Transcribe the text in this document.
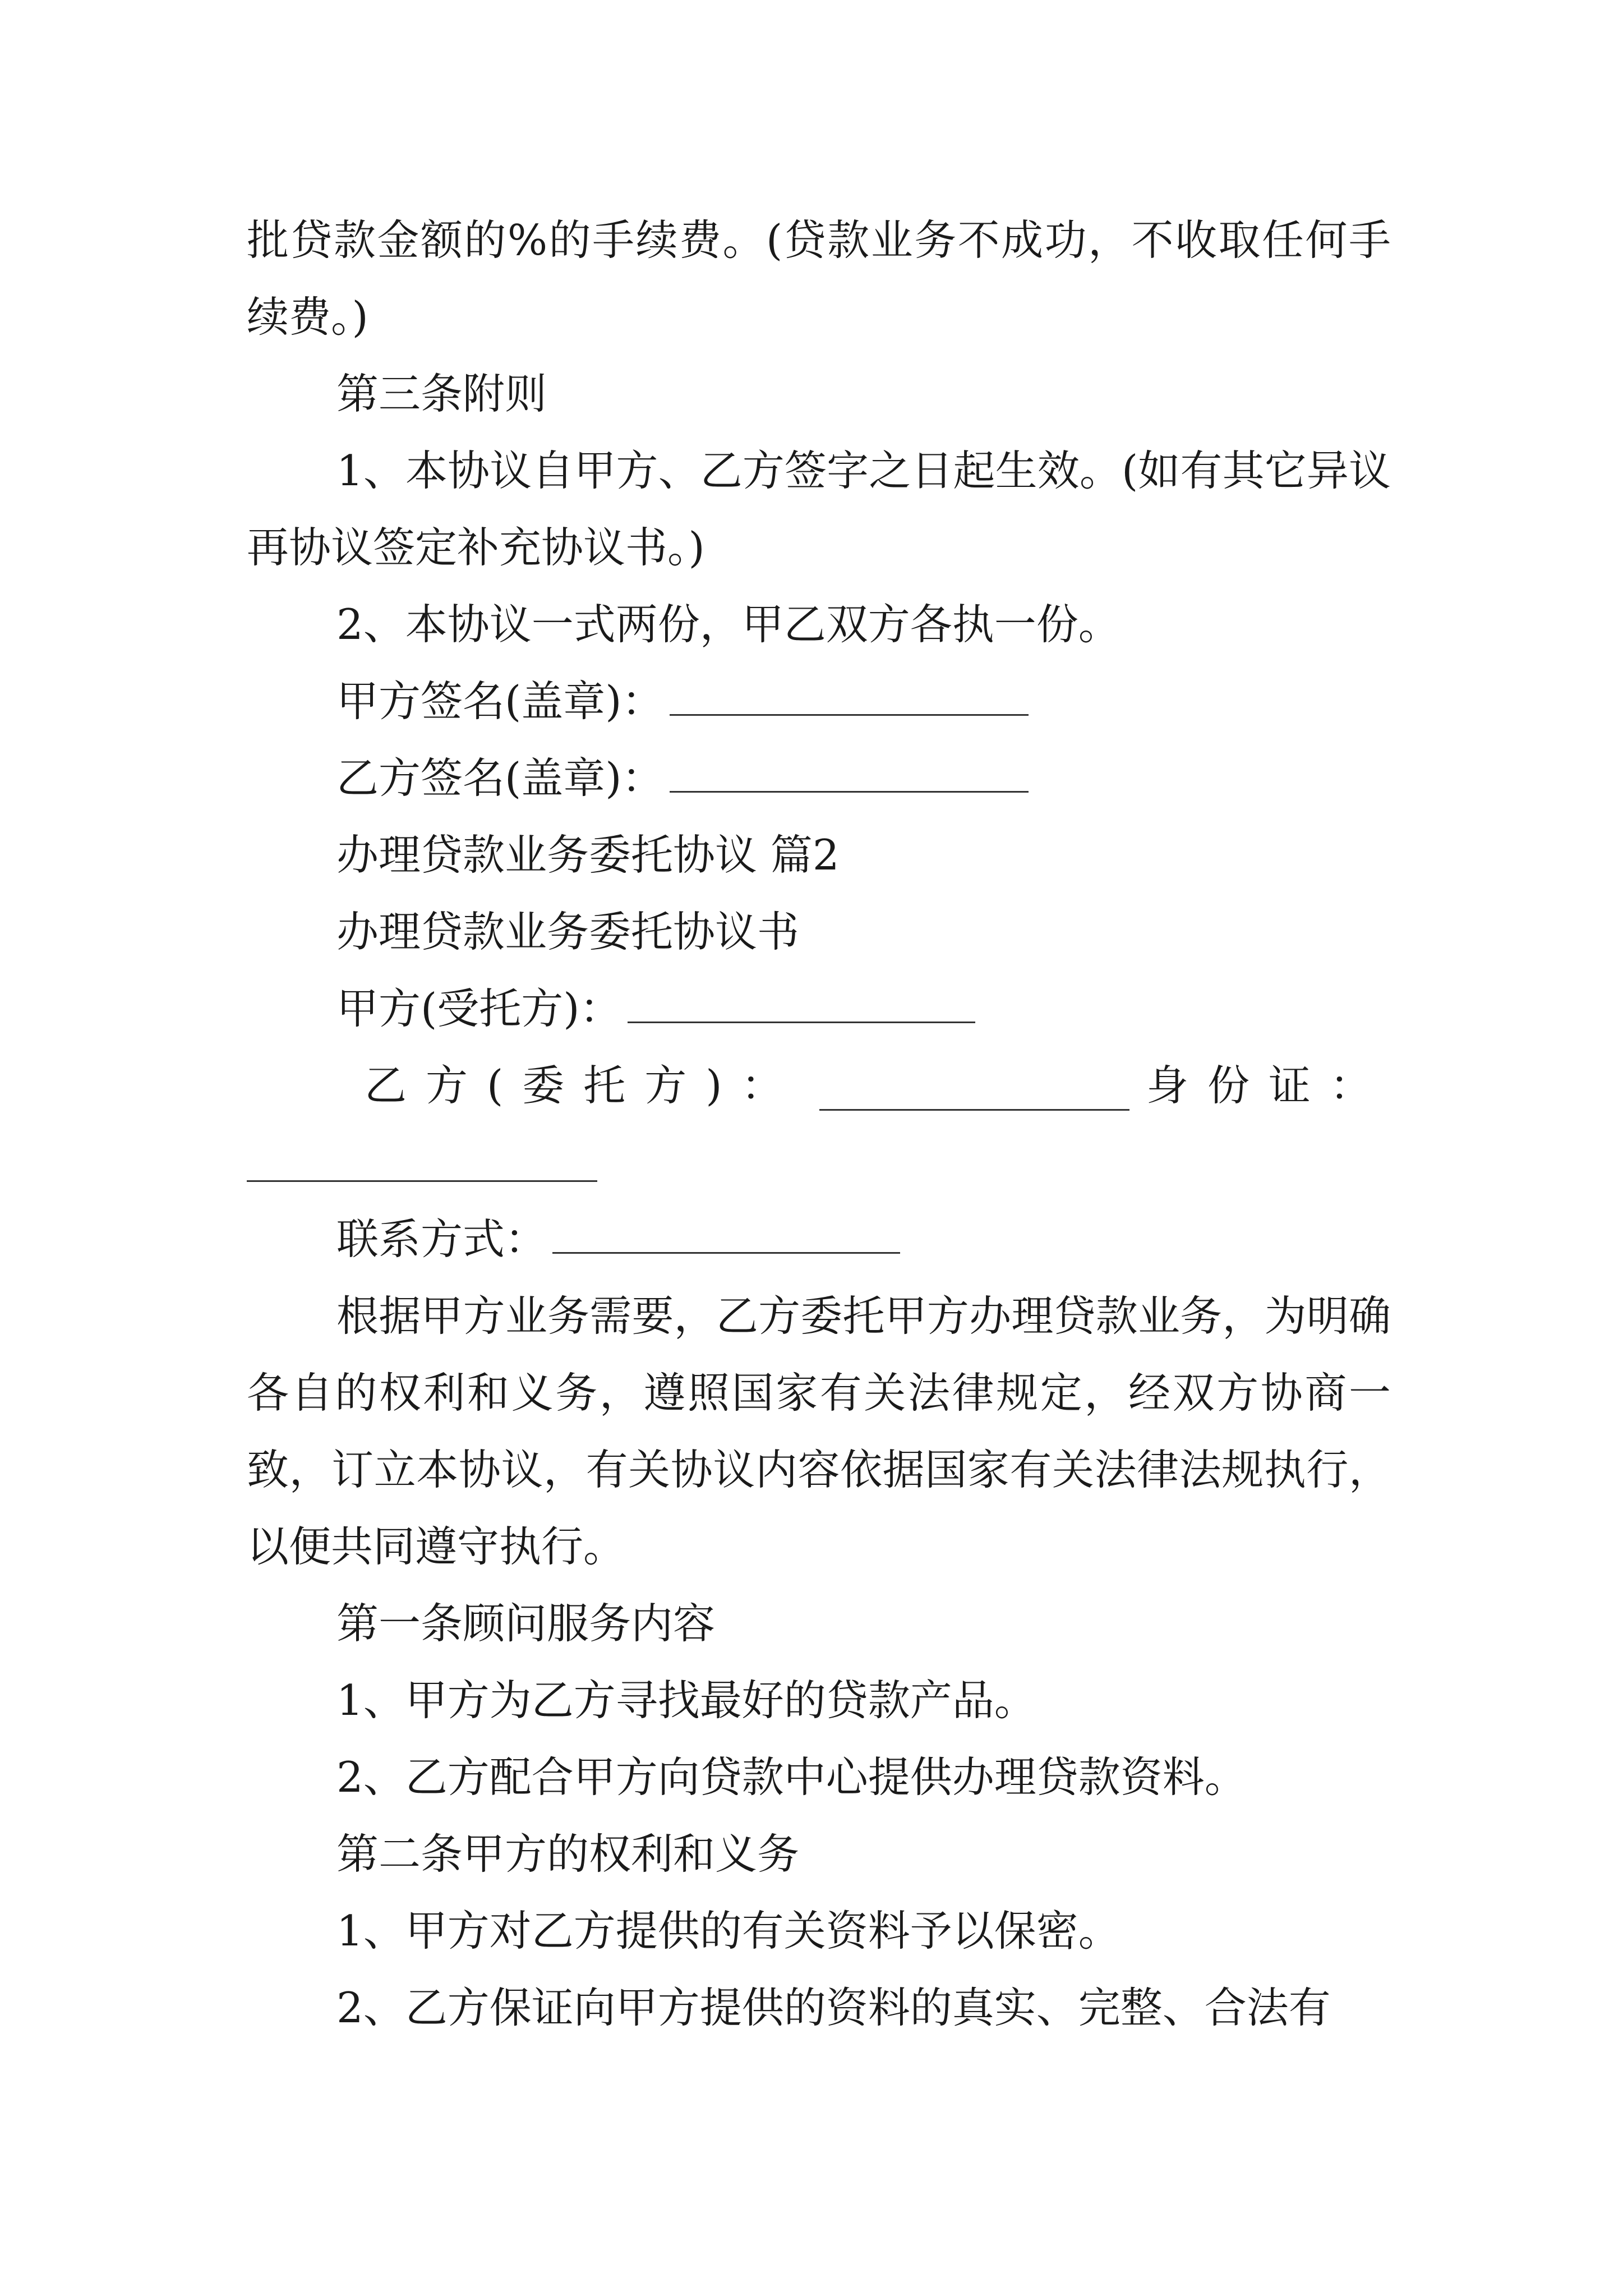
批贷款金额的%的手续费。(贷款业务不成功，不收取任何手续费。)

第三条附则

1、本协议自甲方、乙方签字之日起生效。(如有其它异议再协议签定补充协议书。)

2、本协议一式两份，甲乙双方各执一份。

甲方签名(盖章)：

乙方签名(盖章)：

办理贷款业务委托协议 篇2

办理贷款业务委托协议书

甲方(受托方)：

乙方(委托方)：	身份证：

联系方式：

根据甲方业务需要，乙方委托甲方办理贷款业务，为明确各自的权利和义务，遵照国家有关法律规定，经双方协商一致，订立本协议，有关协议内容依据国家有关法律法规执行，以便共同遵守执行。

第一条顾问服务内容

1、甲方为乙方寻找最好的贷款产品。

2、乙方配合甲方向贷款中心提供办理贷款资料。

第二条甲方的权利和义务

1、甲方对乙方提供的有关资料予以保密。

2、乙方保证向甲方提供的资料的真实、完整、合法有
